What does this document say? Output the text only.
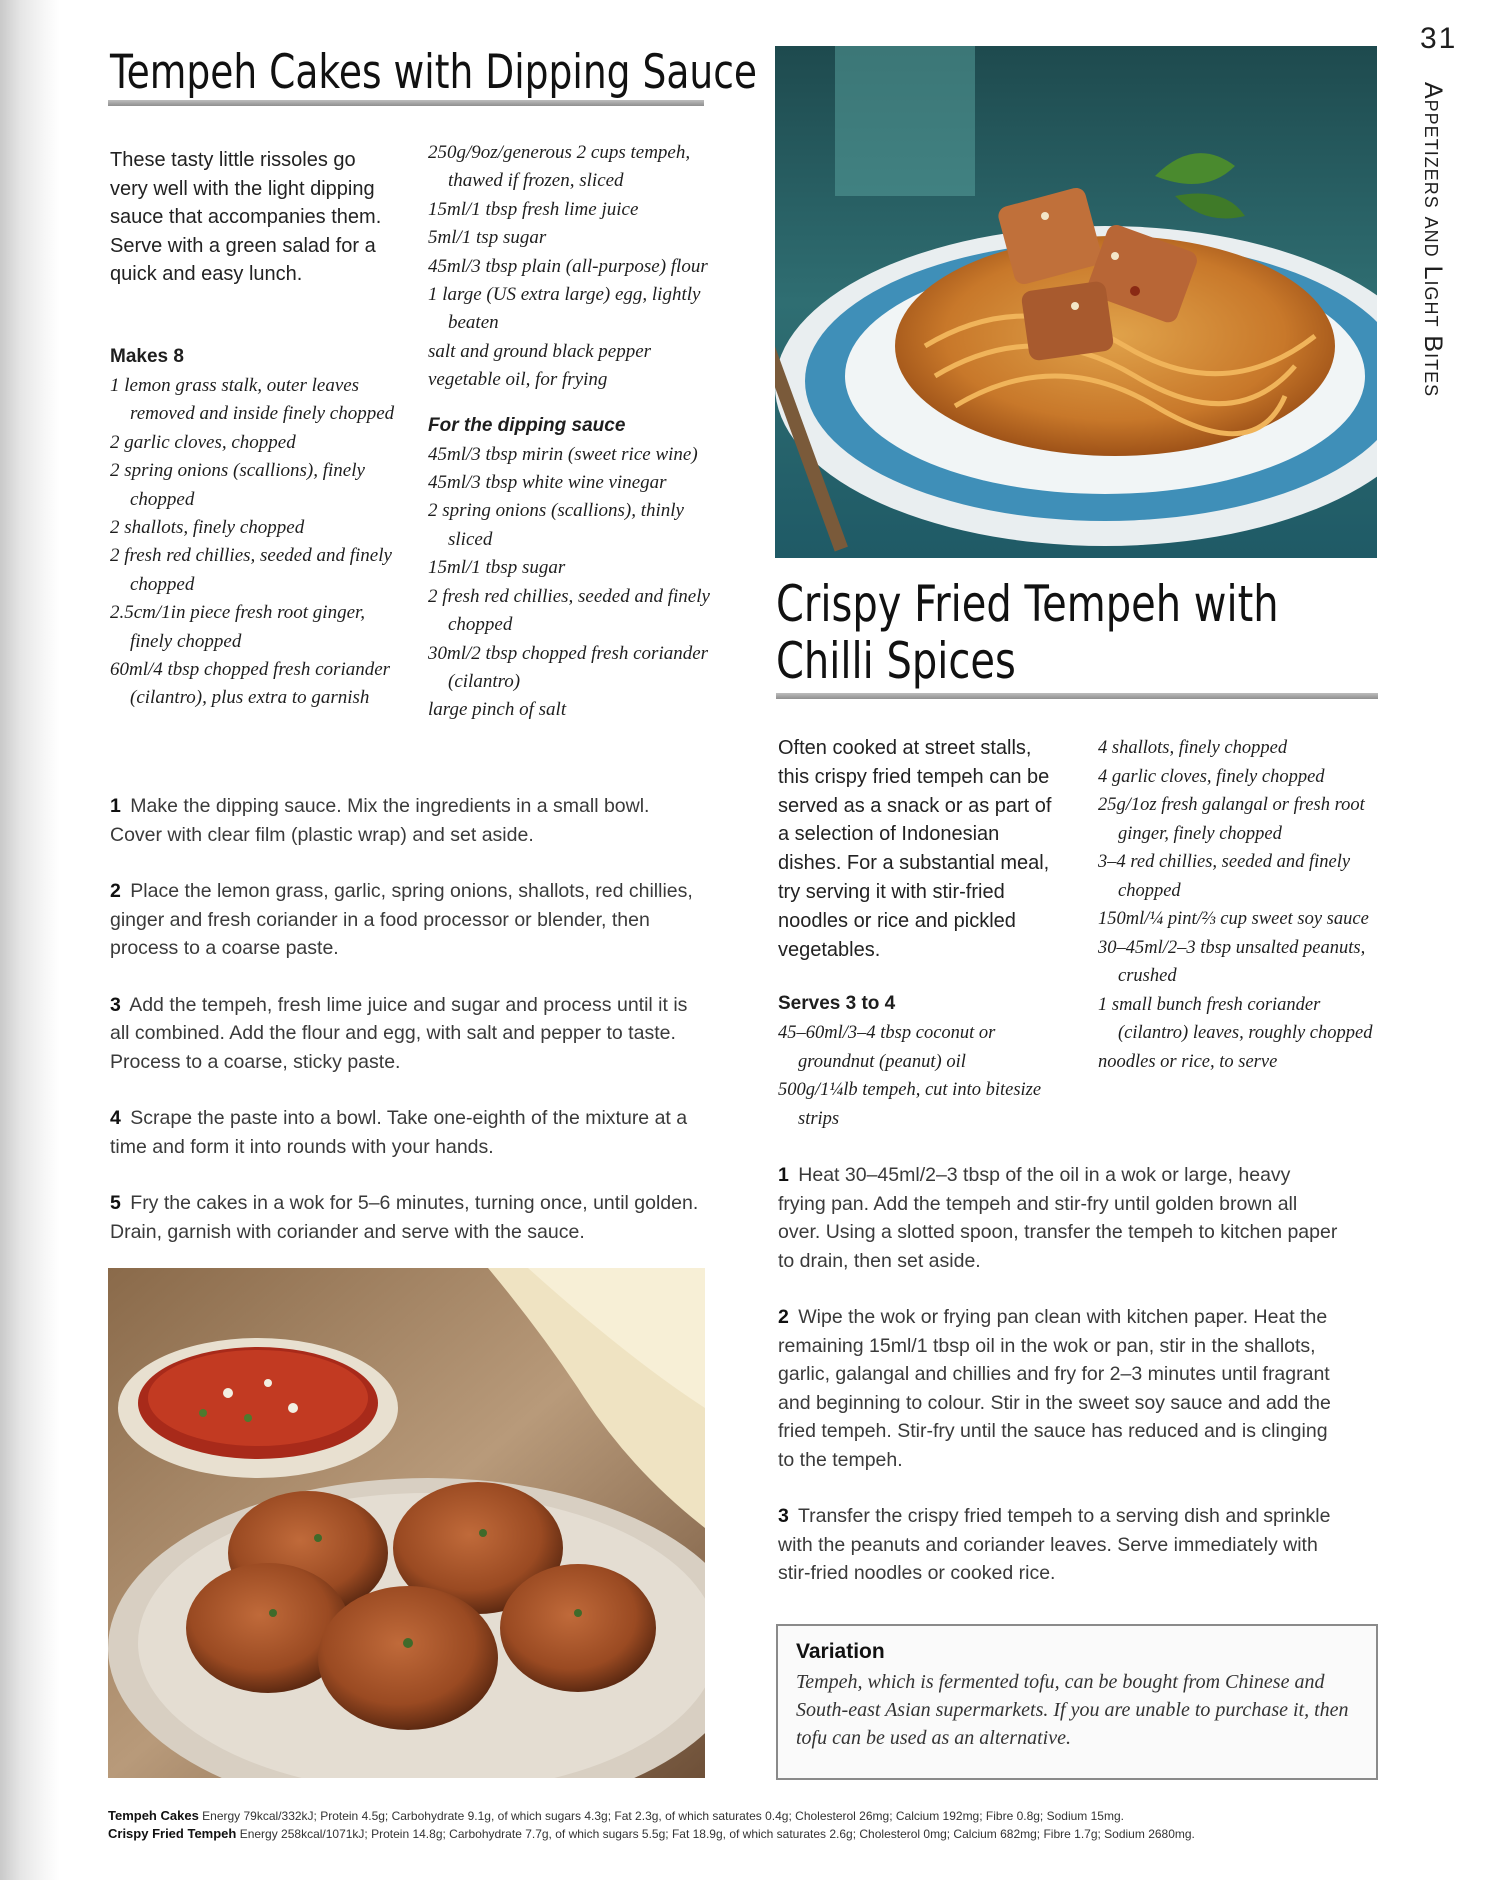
31
Appetizers and Light Bites
Tempeh Cakes with Dipping Sauce

These tasty little rissoles go very well with the light dipping sauce that accompanies them. Serve with a green salad for a quick and easy lunch.

Makes 8

1 lemon grass stalk, outer leaves removed and inside finely chopped
2 garlic cloves, chopped
2 spring onions (scallions), finely chopped
2 shallots, finely chopped
2 fresh red chillies, seeded and finely chopped
2.5cm/1in piece fresh root ginger, finely chopped
60ml/4 tbsp chopped fresh coriander (cilantro), plus extra to garnish
250g/9oz/generous 2 cups tempeh, thawed if frozen, sliced
15ml/1 tbsp fresh lime juice
5ml/1 tsp sugar
45ml/3 tbsp plain (all-purpose) flour
1 large (US extra large) egg, lightly beaten
salt and ground black pepper
vegetable oil, for frying

For the dipping sauce

45ml/3 tbsp mirin (sweet rice wine)
45ml/3 tbsp white wine vinegar
2 spring onions (scallions), thinly sliced
15ml/1 tbsp sugar
2 fresh red chillies, seeded and finely chopped
30ml/2 tbsp chopped fresh coriander (cilantro)
large pinch of salt

1 Make the dipping sauce. Mix the ingredients in a small bowl. Cover with clear film (plastic wrap) and set aside.

2 Place the lemon grass, garlic, spring onions, shallots, red chillies, ginger and fresh coriander in a food processor or blender, then process to a coarse paste.

3 Add the tempeh, fresh lime juice and sugar and process until it is all combined. Add the flour and egg, with salt and pepper to taste. Process to a coarse, sticky paste.

4 Scrape the paste into a bowl. Take one-eighth of the mixture at a time and form it into rounds with your hands.

5 Fry the cakes in a wok for 5–6 minutes, turning once, until golden. Drain, garnish with coriander and serve with the sauce.

Crispy Fried Tempeh with
Chilli Spices

Often cooked at street stalls, this crispy fried tempeh can be served as a snack or as part of a selection of Indonesian dishes. For a substantial meal, try serving it with stir-fried noodles or rice and pickled vegetables.

Serves 3 to 4

45–60ml/3–4 tbsp coconut or groundnut (peanut) oil
500g/1¼lb tempeh, cut into bitesize strips
4 shallots, finely chopped
4 garlic cloves, finely chopped
25g/1oz fresh galangal or fresh root ginger, finely chopped
3–4 red chillies, seeded and finely chopped
150ml/¼ pint/⅔ cup sweet soy sauce
30–45ml/2–3 tbsp unsalted peanuts, crushed
1 small bunch fresh coriander (cilantro) leaves, roughly chopped
noodles or rice, to serve

1 Heat 30–45ml/2–3 tbsp of the oil in a wok or large, heavy frying pan. Add the tempeh and stir-fry until golden brown all over. Using a slotted spoon, transfer the tempeh to kitchen paper to drain, then set aside.

2 Wipe the wok or frying pan clean with kitchen paper. Heat the remaining 15ml/1 tbsp oil in the wok or pan, stir in the shallots, garlic, galangal and chillies and fry for 2–3 minutes until fragrant and beginning to colour. Stir in the sweet soy sauce and add the fried tempeh. Stir-fry until the sauce has reduced and is clinging to the tempeh.

3 Transfer the crispy fried tempeh to a serving dish and sprinkle with the peanuts and coriander leaves. Serve immediately with stir-fried noodles or cooked rice.

Variation

Tempeh, which is fermented tofu, can be bought from Chinese and South-east Asian supermarkets. If you are unable to purchase it, then tofu can be used as an alternative.

Tempeh Cakes Energy 79kcal/332kJ; Protein 4.5g; Carbohydrate 9.1g, of which sugars 4.3g; Fat 2.3g, of which saturates 0.4g; Cholesterol 26mg; Calcium 192mg; Fibre 0.8g; Sodium 15mg.

Crispy Fried Tempeh Energy 258kcal/1071kJ; Protein 14.8g; Carbohydrate 7.7g, of which sugars 5.5g; Fat 18.9g, of which saturates 2.6g; Cholesterol 0mg; Calcium 682mg; Fibre 1.7g; Sodium 2680mg.
